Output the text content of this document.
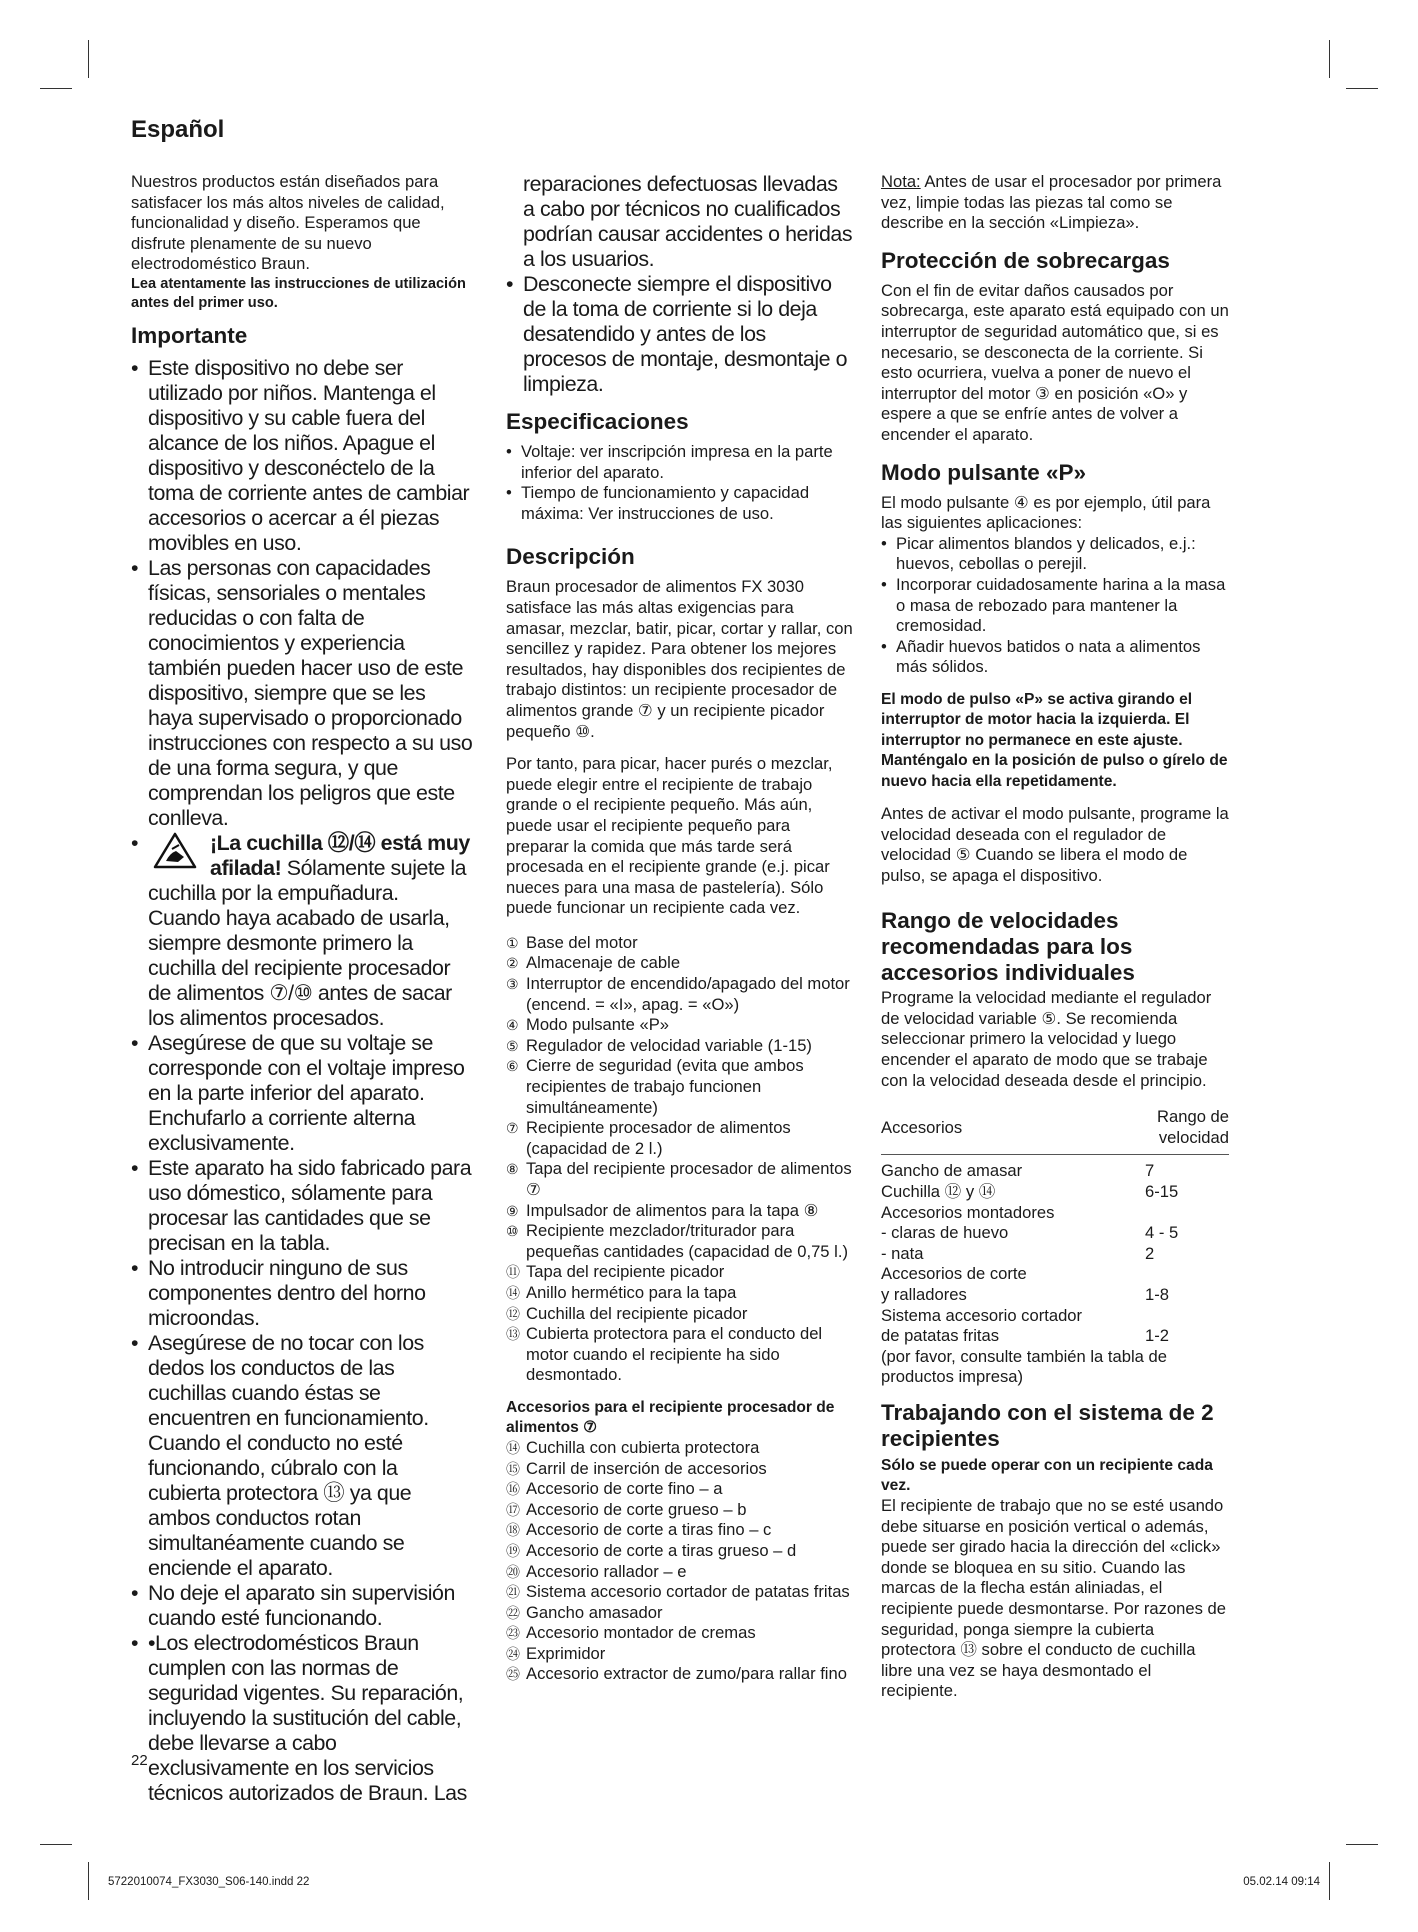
Español

Nuestros productos están diseñados para satisfacer los más altos niveles de calidad, funcionalidad y diseño. Esperamos que disfrute plenamente de su nuevo electrodoméstico Braun.
Lea atentamente las instrucciones de utilización antes del primer uso.

Importante
• Este dispositivo no debe ser utilizado por niños. Mantenga el dispositivo y su cable fuera del alcance de los niños. Apague el dispositivo y desconéctelo de la toma de corriente antes de cambiar accesorios o acercar a él piezas movibles en uso.
• Las personas con capacidades físicas, sensoriales o mentales reducidas o con falta de conocimientos y experiencia también pueden hacer uso de este dispositivo, siempre que se les haya supervisado o proporcionado instrucciones con respecto a su uso de una forma segura, y que comprendan los peligros que este conlleva.
•	¡La cuchilla ⑫/⑭ está muy afilada! Sólamente sujete la cuchilla por la empuñadura. Cuando haya acabado de usarla, siempre desmonte primero la cuchilla del recipiente procesador de alimentos ⑦/⑩ antes de sacar los alimentos procesados.
• Asegúrese de que su voltaje se corresponde con el voltaje impreso en la parte inferior del aparato. Enchufarlo a corriente alterna exclusivamente.
• Este aparato ha sido fabricado para uso dómestico, sólamente para procesar las cantidades que se precisan en la tabla.
• No introducir ninguno de sus componentes dentro del horno microondas.
• Asegúrese de no tocar con los dedos los conductos de las cuchillas cuando éstas se encuentren en funcionamiento. Cuando el conducto no esté funcionando, cúbralo con la cubierta protectora ⑬ ya que ambos conductos rotan simultanéamente cuando se enciende el aparato.
• No deje el aparato sin supervisión cuando esté funcionando.
• •Los electrodomésticos Braun cumplen con las normas de seguridad vigentes. Su reparación, incluyendo la sustitución del cable, debe llevarse a cabo exclusivamente en los servicios técnicos autorizados de Braun. Las
reparaciones defectuosas llevadas a cabo por técnicos no cualificados podrían causar accidentes o heridas a los usuarios.
• Desconecte siempre el dispositivo de la toma de corriente si lo deja desatendido y antes de los procesos de montaje, desmontaje o limpieza.
Especificaciones
• Voltaje: ver inscripción impresa en la parte inferior del aparato.
• Tiempo de funcionamiento y capacidad máxima: Ver instrucciones de uso.
Descripción

Braun procesador de alimentos FX 3030 satisface las más altas exigencias para amasar, mezclar, batir, picar, cortar y rallar, con sencillez y rapidez. Para obtener los mejores resultados, hay disponibles dos recipientes de trabajo distintos: un recipiente procesador de alimentos grande ⑦ y un recipiente picador pequeño ⑩.

Por tanto, para picar, hacer purés o mezclar, puede elegir entre el recipiente de trabajo grande o el recipiente pequeño. Más aún, puede usar el recipiente pequeño para preparar la comida que más tarde será procesada en el recipiente grande (e.j. picar nueces para una masa de pastelería). Sólo puede funcionar un recipiente cada vez.

① Base del motor
② Almacenaje de cable
③ Interruptor de encendido/apagado del motor (encend. = «I», apag. = «O»)
④ Modo pulsante «P»
⑤ Regulador de velocidad variable (1-15)
⑥ Cierre de seguridad (evita que ambos recipientes de trabajo funcionen simultáneamente)
⑦ Recipiente procesador de alimentos (capacidad de 2 l.)
⑧ Tapa del recipiente procesador de alimentos ⑦
⑨ Impulsador de alimentos para la tapa ⑧
⑩ Recipiente mezclador/triturador para pequeñas cantidades (capacidad de 0,75 l.)
⑪ Tapa del recipiente picador
⑭ Anillo hermético para la tapa
⑫ Cuchilla del recipiente picador
⑬ Cubierta protectora para el conducto del motor cuando el recipiente ha sido desmontado.
Accesorios para el recipiente procesador de alimentos ⑦
⑭ Cuchilla con cubierta protectora
⑮ Carril de inserción de accesorios
⑯ Accesorio de corte fino – a
⑰ Accesorio de corte grueso – b
⑱ Accesorio de corte a tiras fino – c
⑲ Accesorio de corte a tiras grueso – d
⑳ Accesorio rallador – e
㉑ Sistema accesorio cortador de patatas fritas
㉒ Gancho amasador
㉓ Accesorio montador de cremas
㉔ Exprimidor
㉕ Accesorio extractor de zumo/para rallar fino

Nota: Antes de usar el procesador por primera vez, limpie todas las piezas tal como se describe en la sección «Limpieza».

Protección de sobrecargas

Con el fin de evitar daños causados por sobrecarga, este aparato está equipado con un interruptor de seguridad automático que, si es necesario, se desconecta de la corriente. Si esto ocurriera, vuelva a poner de nuevo el interruptor del motor ③ en posición «O» y espere a que se enfríe antes de volver a encender el aparato.

Modo pulsante «P»

El modo pulsante ④ es por ejemplo, útil para las siguientes aplicaciones:

• Picar alimentos blandos y delicados, e.j.: huevos, cebollas o perejil.
• Incorporar cuidadosamente harina a la masa o masa de rebozado para mantener la cremosidad.
• Añadir huevos batidos o nata a alimentos más sólidos.

El modo de pulso «P» se activa girando el interruptor de motor hacia la izquierda. El interruptor no permanece en este ajuste. Manténgalo en la posición de pulso o gírelo de nuevo hacia ella repetidamente.

Antes de activar el modo pulsante, programe la velocidad deseada con el regulador de velocidad ⑤ Cuando se libera el modo de pulso, se apaga el dispositivo.

Rango de velocidades recomendadas para los accesorios individuales

Programe la velocidad mediante el regulador de velocidad variable ⑤. Se recomienda seleccionar primero la velocidad y luego encender el aparato de modo que se trabaje con la velocidad deseada desde el principio.

Accesorios	Rango de velocidad
Gancho de amasar	7
Cuchilla ⑫ y ⑭	6-15
Accesorios montadores	
- claras de huevo	4 - 5
- nata	2
Accesorios de corte	
y ralladores	1-8
Sistema accesorio cortador	
de patatas fritas	1-2

(por favor, consulte también la tabla de productos impresa)

Trabajando con el sistema de 2 recipientes
Sólo se puede operar con un recipiente cada vez.

El recipiente de trabajo que no se esté usando debe situarse en posición vertical o además, puede ser girado hacia la dirección del «click» donde se bloquea en su sitio. Cuando las marcas de la flecha están aliniadas, el recipiente puede desmontarse. Por razones de seguridad, ponga siempre la cubierta protectora ⑬ sobre el conducto de cuchilla libre una vez se haya desmontado el recipiente.

22
5722010074_FX3030_S06-140.indd 22	05.02.14 09:14
